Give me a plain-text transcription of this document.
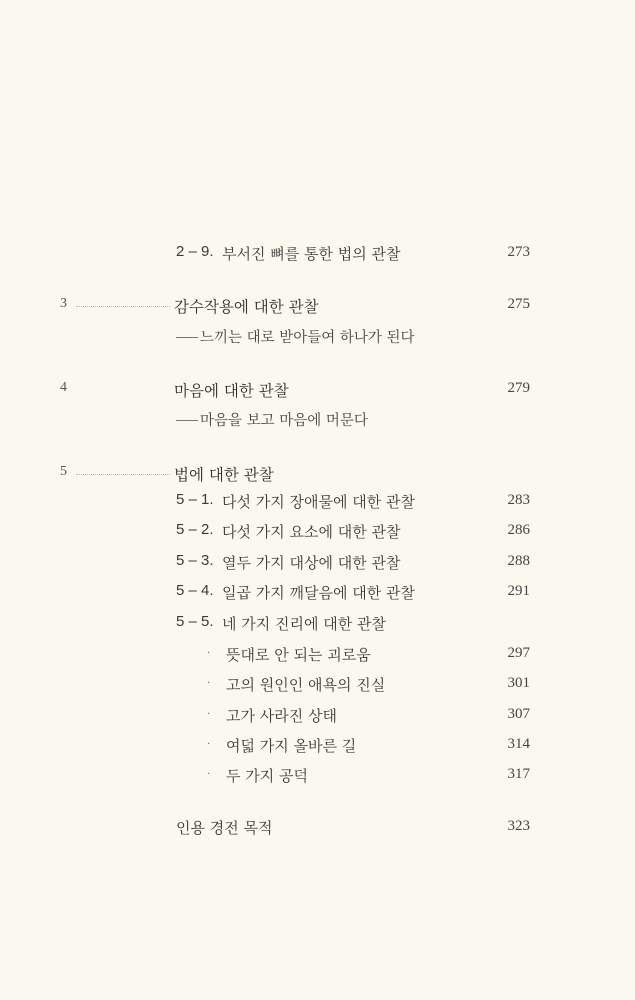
2 – 9. 부서진 뼈를 통한 법의 관찰	273
3	감수작용에 대한 관찰	275
느끼는 대로 받아들여 하나가 된다
4	마음에 대한 관찰	279
마음을 보고 마음에 머문다
5	법에 대한 관찰
5 – 1. 다섯 가지 장애물에 대한 관찰	283
5 – 2. 다섯 가지 요소에 대한 관찰	286
5 – 3. 열두 가지 대상에 대한 관찰	288
5 – 4. 일곱 가지 깨달음에 대한 관찰	291
5 – 5. 네 가지 진리에 대한 관찰
· 뜻대로 안 되는 괴로움	297
· 고의 원인인 애욕의 진실	301
· 고가 사라진 상태	307
· 여덟 가지 올바른 길	314
· 두 가지 공덕	317
인용 경전 목적	323
